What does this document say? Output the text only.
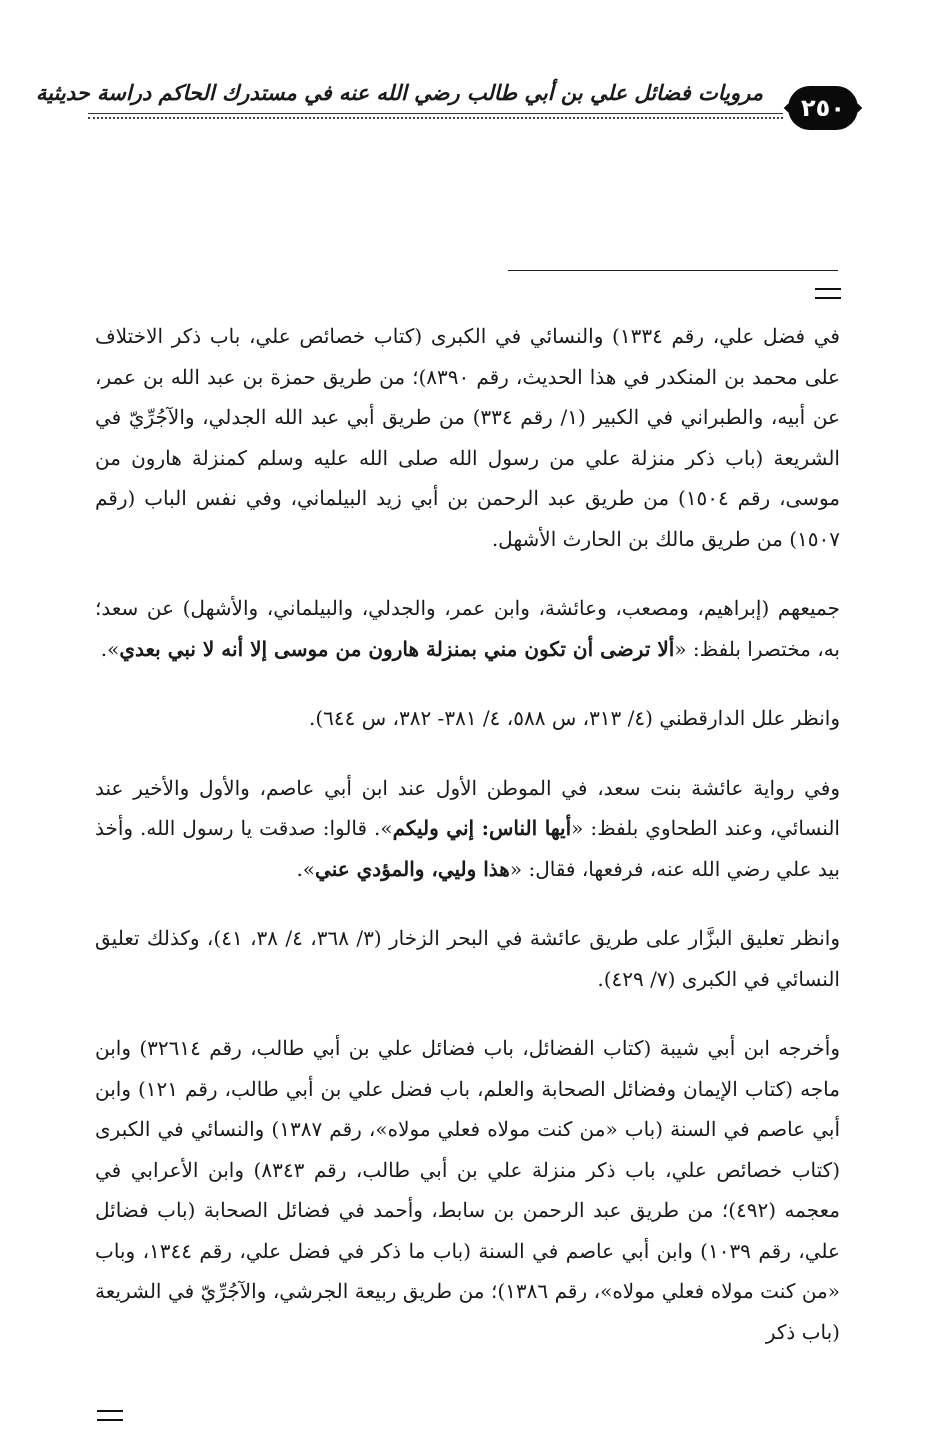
مرويات فضائل علي بن أبي طالب رضي الله عنه في مستدرك الحاكم دراسة حديثية
٢٥٠

في فضل علي، رقم ١٣٣٤) والنسائي في الكبرى (كتاب خصائص علي، باب ذكر الاختلاف على محمد بن المنكدر في هذا الحديث، رقم ٨٣٩٠)؛ من طريق حمزة بن عبد الله بن عمر، عن أبيه، والطبراني في الكبير (١/ رقم ٣٣٤) من طريق أبي عبد الله الجدلي، والآجُرِّيّ في الشريعة (باب ذكر منزلة علي من رسول الله صلى الله عليه وسلم كمنزلة هارون من موسى، رقم ١٥٠٤) من طريق عبد الرحمن بن أبي زيد البيلماني، وفي نفس الباب (رقم ١٥٠٧) من طريق مالك بن الحارث الأشهل.

جميعهم (إبراهيم، ومصعب، وعائشة، وابن عمر، والجدلي، والبيلماني، والأشهل) عن سعد؛ به، مختصرا بلفظ: «ألا ترضى أن تكون مني بمنزلة هارون من موسى إلا أنه لا نبي بعدي».

وانظر علل الدارقطني (٤/ ٣١٣، س ٥٨٨، ٤/ ٣٨١- ٣٨٢، س ٦٤٤).

وفي رواية عائشة بنت سعد، في الموطن الأول عند ابن أبي عاصم، والأول والأخير عند النسائي، وعند الطحاوي بلفظ: «أيها الناس: إني وليكم». قالوا: صدقت يا رسول الله. وأخذ بيد علي رضي الله عنه، فرفعها، فقال: «هذا وليي، والمؤدي عني».

وانظر تعليق البزَّار على طريق عائشة في البحر الزخار (٣/ ٣٦٨، ٤/ ٣٨، ٤١)، وكذلك تعليق النسائي في الكبرى (٧/ ٤٢٩).

وأخرجه ابن أبي شيبة (كتاب الفضائل، باب فضائل علي بن أبي طالب، رقم ٣٢٦١٤) وابن ماجه (كتاب الإيمان وفضائل الصحابة والعلم، باب فضل علي بن أبي طالب، رقم ١٢١) وابن أبي عاصم في السنة (باب «من كنت مولاه فعلي مولاه»، رقم ١٣٨٧) والنسائي في الكبرى (كتاب خصائص علي، باب ذكر منزلة علي بن أبي طالب، رقم ٨٣٤٣) وابن الأعرابي في معجمه (٤٩٢)؛ من طريق عبد الرحمن بن سابط، وأحمد في فضائل الصحابة (باب فضائل علي، رقم ١٠٣٩) وابن أبي عاصم في السنة (باب ما ذكر في فضل علي، رقم ١٣٤٤، وباب «من كنت مولاه فعلي مولاه»، رقم ١٣٨٦)؛ من طريق ربيعة الجرشي، والآجُرِّيّ في الشريعة (باب ذكر
